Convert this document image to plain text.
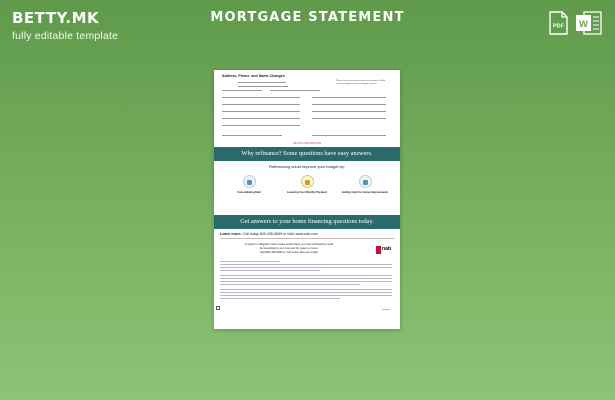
BETTY.MK
fully editable template
MORTGAGE STATEMENT
PDF W
Address, Phone, and Name Changes
Please return this portion with your payment. Make checks payable to your mortgage servicer.
DETACH AND RETURN
Why refinance? Some questions have easy answers.
Refinancing could improve your budget by:
Consolidating Debt	Lowering Your Monthly Payment	Getting Cash for Home Improvements
Get answers to your home financing questions today.
Learn more. Call today 800-436-6669 or visit: www.nab.com
A quick no obligation loan review could show you how refinancing could
be beneficial to you now and for years to come.
Call 800-436-6669 or visit www.nab.com today!	nab
